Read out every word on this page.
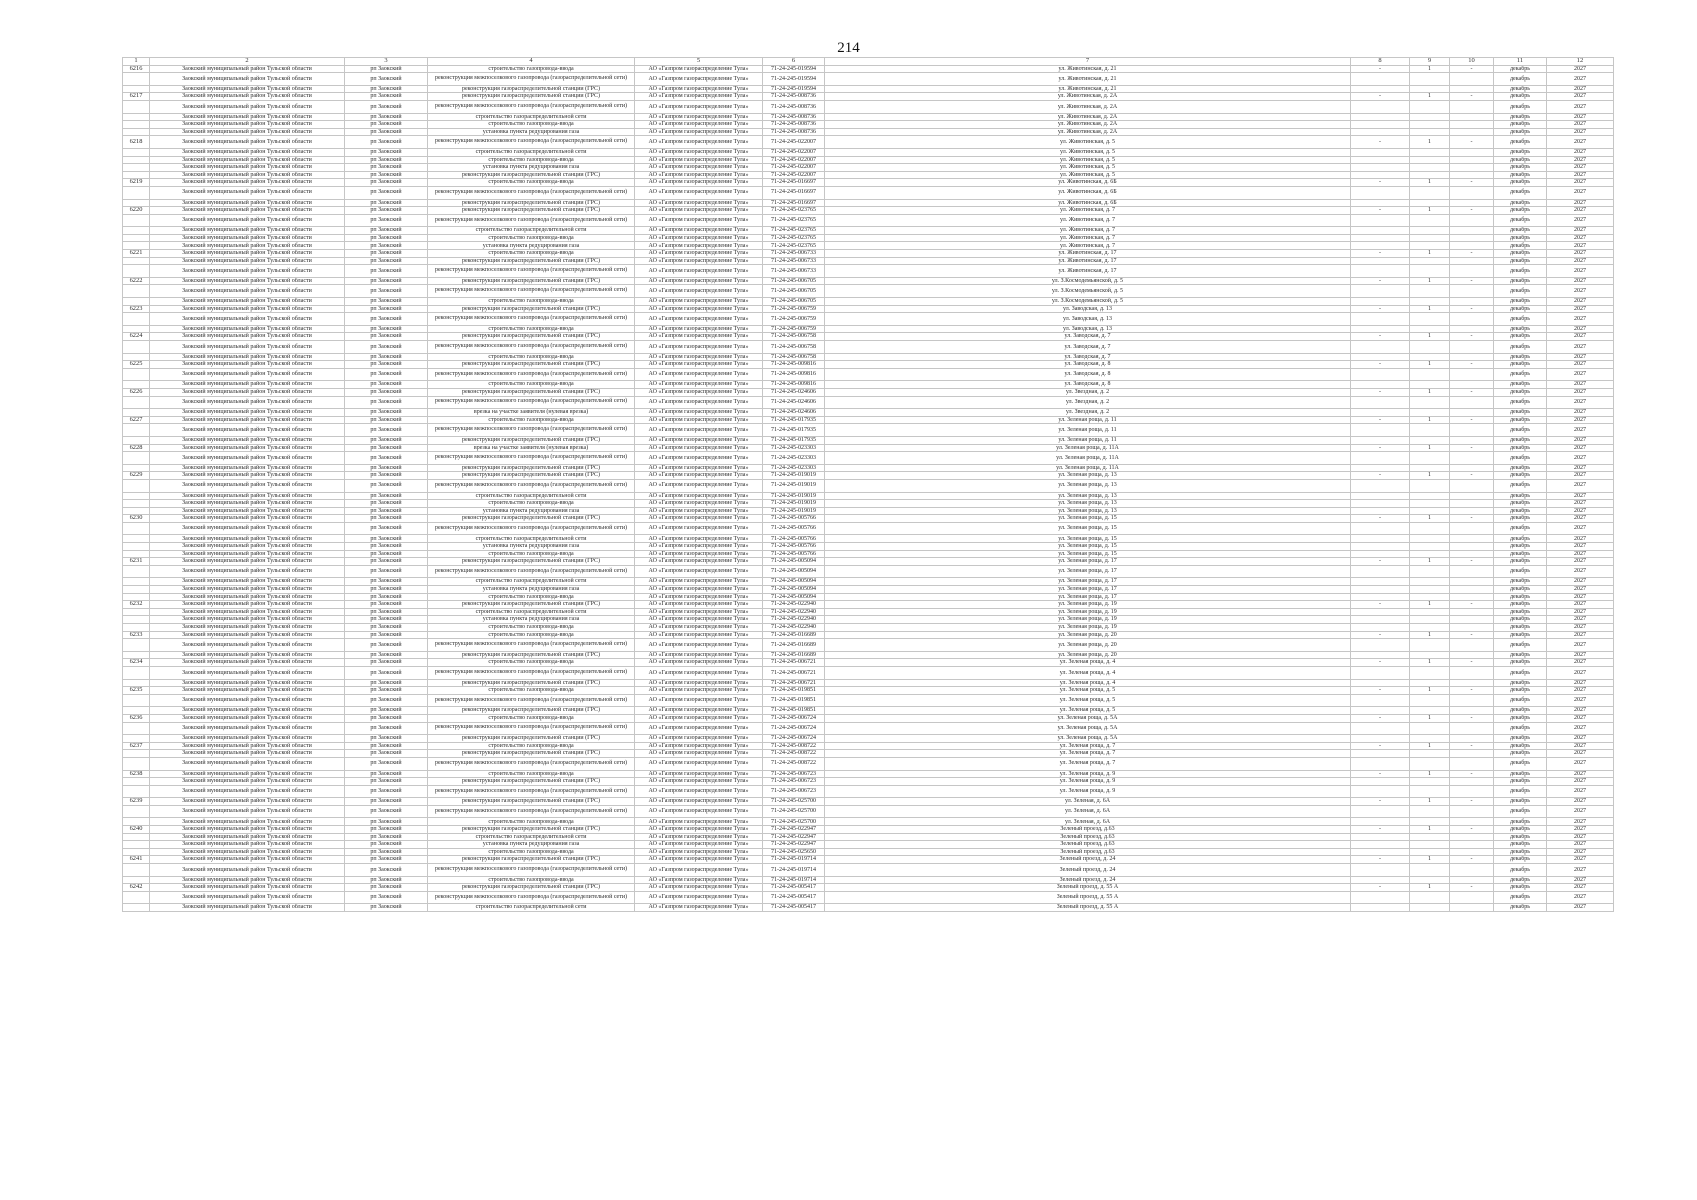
214
1	2	3	4	5	6	7	8	9	10	11	12
6216	Заокский муниципальный район Тульской области	рп Заокский	строительство газопровода-ввода	АО «Газпром газораспределение Тула»	71-24-245-019594	ул. Животинская, д. 21	-	1	-	декабрь	2027
	Заокский муниципальный район Тульской области	рп Заокский	реконструкция межпоселкового газопровода (газораспределительной сети)	АО «Газпром газораспределение Тула»	71-24-245-019594	ул. Животинская, д. 21				декабрь	2027
	Заокский муниципальный район Тульской области	рп Заокский	реконструкция газораспределительной станции (ГРС)	АО «Газпром газораспределение Тула»	71-24-245-019594	ул. Животинская, д. 21				декабрь	2027
6217	Заокский муниципальный район Тульской области	рп Заокский	реконструкция газораспределительной станции (ГРС)	АО «Газпром газораспределение Тула»	71-24-245-008736	ул. Животинская, д. 2А	-	1	-	декабрь	2027
	Заокский муниципальный район Тульской области	рп Заокский	реконструкция межпоселкового газопровода (газораспределительной сети)	АО «Газпром газораспределение Тула»	71-24-245-008736	ул. Животинская, д. 2А				декабрь	2027
	Заокский муниципальный район Тульской области	рп Заокский	строительство газораспределительной сети	АО «Газпром газораспределение Тула»	71-24-245-008736	ул. Животинская, д. 2А				декабрь	2027
	Заокский муниципальный район Тульской области	рп Заокский	строительство газопровода-ввода	АО «Газпром газораспределение Тула»	71-24-245-008736	ул. Животинская, д. 2А				декабрь	2027
	Заокский муниципальный район Тульской области	рп Заокский	установка пункта редуцирования газа	АО «Газпром газораспределение Тула»	71-24-245-008736	ул. Животинская, д. 2А				декабрь	2027
6218	Заокский муниципальный район Тульской области	рп Заокский	реконструкция межпоселкового газопровода (газораспределительной сети)	АО «Газпром газораспределение Тула»	71-24-245-022007	ул. Животинская, д. 5	-	1	-	декабрь	2027
	Заокский муниципальный район Тульской области	рп Заокский	строительство газораспределительной сети	АО «Газпром газораспределение Тула»	71-24-245-022007	ул. Животинская, д. 5				декабрь	2027
	Заокский муниципальный район Тульской области	рп Заокский	строительство газопровода-ввода	АО «Газпром газораспределение Тула»	71-24-245-022007	ул. Животинская, д. 5				декабрь	2027
	Заокский муниципальный район Тульской области	рп Заокский	установка пункта редуцирования газа	АО «Газпром газораспределение Тула»	71-24-245-022007	ул. Животинская, д. 5				декабрь	2027
	Заокский муниципальный район Тульской области	рп Заокский	реконструкция газораспределительной станции (ГРС)	АО «Газпром газораспределение Тула»	71-24-245-022007	ул. Животинская, д. 5				декабрь	2027
6219	Заокский муниципальный район Тульской области	рп Заокский	строительство газопровода-ввода	АО «Газпром газораспределение Тула»	71-24-245-016697	ул. Животинская, д. 6Б	-	1	-	декабрь	2027
	Заокский муниципальный район Тульской области	рп Заокский	реконструкция межпоселкового газопровода (газораспределительной сети)	АО «Газпром газораспределение Тула»	71-24-245-016697	ул. Животинская, д. 6Б				декабрь	2027
	Заокский муниципальный район Тульской области	рп Заокский	реконструкция газораспределительной станции (ГРС)	АО «Газпром газораспределение Тула»	71-24-245-016697	ул. Животинская, д. 6Б				декабрь	2027
6220	Заокский муниципальный район Тульской области	рп Заокский	реконструкция газораспределительной станции (ГРС)	АО «Газпром газораспределение Тула»	71-24-245-023765	ул. Животинская, д. 7	-	1	-	декабрь	2027
	Заокский муниципальный район Тульской области	рп Заокский	реконструкция межпоселкового газопровода (газораспределительной сети)	АО «Газпром газораспределение Тула»	71-24-245-023765	ул. Животинская, д. 7				декабрь	2027
	Заокский муниципальный район Тульской области	рп Заокский	строительство газораспределительной сети	АО «Газпром газораспределение Тула»	71-24-245-023765	ул. Животинская, д. 7				декабрь	2027
	Заокский муниципальный район Тульской области	рп Заокский	строительство газопровода-ввода	АО «Газпром газораспределение Тула»	71-24-245-023765	ул. Животинская, д. 7				декабрь	2027
	Заокский муниципальный район Тульской области	рп Заокский	установка пункта редуцирования газа	АО «Газпром газораспределение Тула»	71-24-245-023765	ул. Животинская, д. 7				декабрь	2027
6221	Заокский муниципальный район Тульской области	рп Заокский	строительство газопровода-ввода	АО «Газпром газораспределение Тула»	71-24-245-006733	ул. Животинская, д. 17	-	1	-	декабрь	2027
	Заокский муниципальный район Тульской области	рп Заокский	реконструкция газораспределительной станции (ГРС)	АО «Газпром газораспределение Тула»	71-24-245-006733	ул. Животинская, д. 17				декабрь	2027
	Заокский муниципальный район Тульской области	рп Заокский	реконструкция межпоселкового газопровода (газораспределительной сети)	АО «Газпром газораспределение Тула»	71-24-245-006733	ул. Животинская, д. 17				декабрь	2027
6222	Заокский муниципальный район Тульской области	рп Заокский	реконструкция газораспределительной станции (ГРС)	АО «Газпром газораспределение Тула»	71-24-245-006705	ул. З.Космодемьянской, д. 5	-	1	-	декабрь	2027
	Заокский муниципальный район Тульской области	рп Заокский	реконструкция межпоселкового газопровода (газораспределительной сети)	АО «Газпром газораспределение Тула»	71-24-245-006705	ул. З.Космодемьянской, д. 5				декабрь	2027
	Заокский муниципальный район Тульской области	рп Заокский	строительство газопровода-ввода	АО «Газпром газораспределение Тула»	71-24-245-006705	ул. З.Космодемьянской, д. 5				декабрь	2027
6223	Заокский муниципальный район Тульской области	рп Заокский	реконструкция газораспределительной станции (ГРС)	АО «Газпром газораспределение Тула»	71-24-245-006759	ул. Заводская, д. 13	-	1	-	декабрь	2027
	Заокский муниципальный район Тульской области	рп Заокский	реконструкция межпоселкового газопровода (газораспределительной сети)	АО «Газпром газораспределение Тула»	71-24-245-006759	ул. Заводская, д. 13				декабрь	2027
	Заокский муниципальный район Тульской области	рп Заокский	строительство газопровода-ввода	АО «Газпром газораспределение Тула»	71-24-245-006759	ул. Заводская, д. 13				декабрь	2027
6224	Заокский муниципальный район Тульской области	рп Заокский	реконструкция газораспределительной станции (ГРС)	АО «Газпром газораспределение Тула»	71-24-245-006758	ул. Заводская, д. 7	-	1	-	декабрь	2027
	Заокский муниципальный район Тульской области	рп Заокский	реконструкция межпоселкового газопровода (газораспределительной сети)	АО «Газпром газораспределение Тула»	71-24-245-006758	ул. Заводская, д. 7				декабрь	2027
	Заокский муниципальный район Тульской области	рп Заокский	строительство газопровода-ввода	АО «Газпром газораспределение Тула»	71-24-245-006758	ул. Заводская, д. 7				декабрь	2027
6225	Заокский муниципальный район Тульской области	рп Заокский	реконструкция газораспределительной станции (ГРС)	АО «Газпром газораспределение Тула»	71-24-245-009816	ул. Заводская, д. 8	-	1	-	декабрь	2027
	Заокский муниципальный район Тульской области	рп Заокский	реконструкция межпоселкового газопровода (газораспределительной сети)	АО «Газпром газораспределение Тула»	71-24-245-009816	ул. Заводская, д. 8				декабрь	2027
	Заокский муниципальный район Тульской области	рп Заокский	строительство газопровода-ввода	АО «Газпром газораспределение Тула»	71-24-245-009816	ул. Заводская, д. 8				декабрь	2027
6226	Заокский муниципальный район Тульской области	рп Заокский	реконструкция газораспределительной станции (ГРС)	АО «Газпром газораспределение Тула»	71-24-245-024606	ул. Звездная, д. 2	-	1	-	декабрь	2027
	Заокский муниципальный район Тульской области	рп Заокский	реконструкция межпоселкового газопровода (газораспределительной сети)	АО «Газпром газораспределение Тула»	71-24-245-024606	ул. Звездная, д. 2				декабрь	2027
	Заокский муниципальный район Тульской области	рп Заокский	врезка на участке заявителя (нулевая врезка)	АО «Газпром газораспределение Тула»	71-24-245-024606	ул. Звездная, д. 2				декабрь	2027
6227	Заокский муниципальный район Тульской области	рп Заокский	строительство газопровода-ввода	АО «Газпром газораспределение Тула»	71-24-245-017935	ул. Зеленая роща, д. 11	-	1	-	декабрь	2027
	Заокский муниципальный район Тульской области	рп Заокский	реконструкция межпоселкового газопровода (газораспределительной сети)	АО «Газпром газораспределение Тула»	71-24-245-017935	ул. Зеленая роща, д. 11				декабрь	2027
	Заокский муниципальный район Тульской области	рп Заокский	реконструкция газораспределительной станции (ГРС)	АО «Газпром газораспределение Тула»	71-24-245-017935	ул. Зеленая роща, д. 11				декабрь	2027
6228	Заокский муниципальный район Тульской области	рп Заокский	врезка на участке заявителя (нулевая врезка)	АО «Газпром газораспределение Тула»	71-24-245-023303	ул. Зеленая роща, д. 11А	-	1	-	декабрь	2027
	Заокский муниципальный район Тульской области	рп Заокский	реконструкция межпоселкового газопровода (газораспределительной сети)	АО «Газпром газораспределение Тула»	71-24-245-023303	ул. Зеленая роща, д. 11А				декабрь	2027
	Заокский муниципальный район Тульской области	рп Заокский	реконструкция газораспределительной станции (ГРС)	АО «Газпром газораспределение Тула»	71-24-245-023303	ул. Зеленая роща, д. 11А				декабрь	2027
6229	Заокский муниципальный район Тульской области	рп Заокский	реконструкция газораспределительной станции (ГРС)	АО «Газпром газораспределение Тула»	71-24-245-019019	ул. Зеленая роща, д. 13	-	1	-	декабрь	2027
	Заокский муниципальный район Тульской области	рп Заокский	реконструкция межпоселкового газопровода (газораспределительной сети)	АО «Газпром газораспределение Тула»	71-24-245-019019	ул. Зеленая роща, д. 13				декабрь	2027
	Заокский муниципальный район Тульской области	рп Заокский	строительство газораспределительной сети	АО «Газпром газораспределение Тула»	71-24-245-019019	ул. Зеленая роща, д. 13				декабрь	2027
	Заокский муниципальный район Тульской области	рп Заокский	строительство газопровода-ввода	АО «Газпром газораспределение Тула»	71-24-245-019019	ул. Зеленая роща, д. 13				декабрь	2027
	Заокский муниципальный район Тульской области	рп Заокский	установка пункта редуцирования газа	АО «Газпром газораспределение Тула»	71-24-245-019019	ул. Зеленая роща, д. 13				декабрь	2027
6230	Заокский муниципальный район Тульской области	рп Заокский	реконструкция газораспределительной станции (ГРС)	АО «Газпром газораспределение Тула»	71-24-245-005766	ул. Зеленая роща, д. 15	-	1	-	декабрь	2027
	Заокский муниципальный район Тульской области	рп Заокский	реконструкция межпоселкового газопровода (газораспределительной сети)	АО «Газпром газораспределение Тула»	71-24-245-005766	ул. Зеленая роща, д. 15				декабрь	2027
	Заокский муниципальный район Тульской области	рп Заокский	строительство газораспределительной сети	АО «Газпром газораспределение Тула»	71-24-245-005766	ул. Зеленая роща, д. 15				декабрь	2027
	Заокский муниципальный район Тульской области	рп Заокский	установка пункта редуцирования газа	АО «Газпром газораспределение Тула»	71-24-245-005766	ул. Зеленая роща, д. 15				декабрь	2027
	Заокский муниципальный район Тульской области	рп Заокский	строительство газопровода-ввода	АО «Газпром газораспределение Тула»	71-24-245-005766	ул. Зеленая роща, д. 15				декабрь	2027
6231	Заокский муниципальный район Тульской области	рп Заокский	реконструкция газораспределительной станции (ГРС)	АО «Газпром газораспределение Тула»	71-24-245-005094	ул. Зеленая роща, д. 17	-	1	-	декабрь	2027
	Заокский муниципальный район Тульской области	рп Заокский	реконструкция межпоселкового газопровода (газораспределительной сети)	АО «Газпром газораспределение Тула»	71-24-245-005094	ул. Зеленая роща, д. 17				декабрь	2027
	Заокский муниципальный район Тульской области	рп Заокский	строительство газораспределительной сети	АО «Газпром газораспределение Тула»	71-24-245-005094	ул. Зеленая роща, д. 17				декабрь	2027
	Заокский муниципальный район Тульской области	рп Заокский	установка пункта редуцирования газа	АО «Газпром газораспределение Тула»	71-24-245-005094	ул. Зеленая роща, д. 17				декабрь	2027
	Заокский муниципальный район Тульской области	рп Заокский	строительство газопровода-ввода	АО «Газпром газораспределение Тула»	71-24-245-005094	ул. Зеленая роща, д. 17				декабрь	2027
6232	Заокский муниципальный район Тульской области	рп Заокский	реконструкция газораспределительной станции (ГРС)	АО «Газпром газораспределение Тула»	71-24-245-022940	ул. Зеленая роща, д. 19	-	1	-	декабрь	2027
	Заокский муниципальный район Тульской области	рп Заокский	строительство газораспределительной сети	АО «Газпром газораспределение Тула»	71-24-245-022940	ул. Зеленая роща, д. 19				декабрь	2027
	Заокский муниципальный район Тульской области	рп Заокский	установка пункта редуцирования газа	АО «Газпром газораспределение Тула»	71-24-245-022940	ул. Зеленая роща, д. 19				декабрь	2027
	Заокский муниципальный район Тульской области	рп Заокский	строительство газопровода-ввода	АО «Газпром газораспределение Тула»	71-24-245-022940	ул. Зеленая роща, д. 19				декабрь	2027
6233	Заокский муниципальный район Тульской области	рп Заокский	строительство газопровода-ввода	АО «Газпром газораспределение Тула»	71-24-245-016689	ул. Зеленая роща, д. 20	-	1	-	декабрь	2027
	Заокский муниципальный район Тульской области	рп Заокский	реконструкция межпоселкового газопровода (газораспределительной сети)	АО «Газпром газораспределение Тула»	71-24-245-016689	ул. Зеленая роща, д. 20				декабрь	2027
	Заокский муниципальный район Тульской области	рп Заокский	реконструкция газораспределительной станции (ГРС)	АО «Газпром газораспределение Тула»	71-24-245-016689	ул. Зеленая роща, д. 20				декабрь	2027
6234	Заокский муниципальный район Тульской области	рп Заокский	строительство газопровода-ввода	АО «Газпром газораспределение Тула»	71-24-245-006721	ул. Зеленая роща, д. 4	-	1	-	декабрь	2027
	Заокский муниципальный район Тульской области	рп Заокский	реконструкция межпоселкового газопровода (газораспределительной сети)	АО «Газпром газораспределение Тула»	71-24-245-006721	ул. Зеленая роща, д. 4				декабрь	2027
	Заокский муниципальный район Тульской области	рп Заокский	реконструкция газораспределительной станции (ГРС)	АО «Газпром газораспределение Тула»	71-24-245-006721	ул. Зеленая роща, д. 4				декабрь	2027
6235	Заокский муниципальный район Тульской области	рп Заокский	строительство газопровода-ввода	АО «Газпром газораспределение Тула»	71-24-245-019851	ул. Зеленая роща, д. 5	-	1	-	декабрь	2027
	Заокский муниципальный район Тульской области	рп Заокский	реконструкция межпоселкового газопровода (газораспределительной сети)	АО «Газпром газораспределение Тула»	71-24-245-019851	ул. Зеленая роща, д. 5				декабрь	2027
	Заокский муниципальный район Тульской области	рп Заокский	реконструкция газораспределительной станции (ГРС)	АО «Газпром газораспределение Тула»	71-24-245-019851	ул. Зеленая роща, д. 5				декабрь	2027
6236	Заокский муниципальный район Тульской области	рп Заокский	строительство газопровода-ввода	АО «Газпром газораспределение Тула»	71-24-245-006724	ул. Зеленая роща, д. 5А	-	1	-	декабрь	2027
	Заокский муниципальный район Тульской области	рп Заокский	реконструкция межпоселкового газопровода (газораспределительной сети)	АО «Газпром газораспределение Тула»	71-24-245-006724	ул. Зеленая роща, д. 5А				декабрь	2027
	Заокский муниципальный район Тульской области	рп Заокский	реконструкция газораспределительной станции (ГРС)	АО «Газпром газораспределение Тула»	71-24-245-006724	ул. Зеленая роща, д. 5А				декабрь	2027
6237	Заокский муниципальный район Тульской области	рп Заокский	строительство газопровода-ввода	АО «Газпром газораспределение Тула»	71-24-245-008722	ул. Зеленая роща, д. 7	-	1	-	декабрь	2027
	Заокский муниципальный район Тульской области	рп Заокский	реконструкция газораспределительной станции (ГРС)	АО «Газпром газораспределение Тула»	71-24-245-008722	ул. Зеленая роща, д. 7				декабрь	2027
	Заокский муниципальный район Тульской области	рп Заокский	реконструкция межпоселкового газопровода (газораспределительной сети)	АО «Газпром газораспределение Тула»	71-24-245-008722	ул. Зеленая роща, д. 7				декабрь	2027
6238	Заокский муниципальный район Тульской области	рп Заокский	строительство газопровода-ввода	АО «Газпром газораспределение Тула»	71-24-245-006723	ул. Зеленая роща, д. 9	-	1	-	декабрь	2027
	Заокский муниципальный район Тульской области	рп Заокский	реконструкция газораспределительной станции (ГРС)	АО «Газпром газораспределение Тула»	71-24-245-006723	ул. Зеленая роща, д. 9				декабрь	2027
	Заокский муниципальный район Тульской области	рп Заокский	реконструкция межпоселкового газопровода (газораспределительной сети)	АО «Газпром газораспределение Тула»	71-24-245-006723	ул. Зеленая роща, д. 9				декабрь	2027
6239	Заокский муниципальный район Тульской области	рп Заокский	реконструкция газораспределительной станции (ГРС)	АО «Газпром газораспределение Тула»	71-24-245-025700	ул. Зеленая, д. 6А	-	1	-	декабрь	2027
	Заокский муниципальный район Тульской области	рп Заокский	реконструкция межпоселкового газопровода (газораспределительной сети)	АО «Газпром газораспределение Тула»	71-24-245-025700	ул. Зеленая, д. 6А				декабрь	2027
	Заокский муниципальный район Тульской области	рп Заокский	строительство газопровода-ввода	АО «Газпром газораспределение Тула»	71-24-245-025700	ул. Зеленая, д. 6А				декабрь	2027
6240	Заокский муниципальный район Тульской области	рп Заокский	реконструкция газораспределительной станции (ГРС)	АО «Газпром газораспределение Тула»	71-24-245-022947	Зеленый проезд, д.63	-	1	-	декабрь	2027
	Заокский муниципальный район Тульской области	рп Заокский	строительство газораспределительной сети	АО «Газпром газораспределение Тула»	71-24-245-022947	Зеленый проезд, д.63				декабрь	2027
	Заокский муниципальный район Тульской области	рп Заокский	установка пункта редуцирования газа	АО «Газпром газораспределение Тула»	71-24-245-022947	Зеленый проезд, д.63				декабрь	2027
	Заокский муниципальный район Тульской области	рп Заокский	строительство газопровода-ввода	АО «Газпром газораспределение Тула»	71-24-245-025650	Зеленый проезд, д.63				декабрь	2027
6241	Заокский муниципальный район Тульской области	рп Заокский	реконструкция газораспределительной станции (ГРС)	АО «Газпром газораспределение Тула»	71-24-245-019714	Зеленый проезд, д. 24	-	1	-	декабрь	2027
	Заокский муниципальный район Тульской области	рп Заокский	реконструкция межпоселкового газопровода (газораспределительной сети)	АО «Газпром газораспределение Тула»	71-24-245-019714	Зеленый проезд, д. 24				декабрь	2027
	Заокский муниципальный район Тульской области	рп Заокский	строительство газопровода-ввода	АО «Газпром газораспределение Тула»	71-24-245-019714	Зеленый проезд, д. 24				декабрь	2027
6242	Заокский муниципальный район Тульской области	рп Заокский	реконструкция газораспределительной станции (ГРС)	АО «Газпром газораспределение Тула»	71-24-245-005417	Зеленый проезд, д. 55 А	-	1	-	декабрь	2027
	Заокский муниципальный район Тульской области	рп Заокский	реконструкция межпоселкового газопровода (газораспределительной сети)	АО «Газпром газораспределение Тула»	71-24-245-005417	Зеленый проезд, д. 55 А				декабрь	2027
	Заокский муниципальный район Тульской области	рп Заокский	строительство газораспределительной сети	АО «Газпром газораспределение Тула»	71-24-245-005417	Зеленый проезд, д. 55 А				декабрь	2027
